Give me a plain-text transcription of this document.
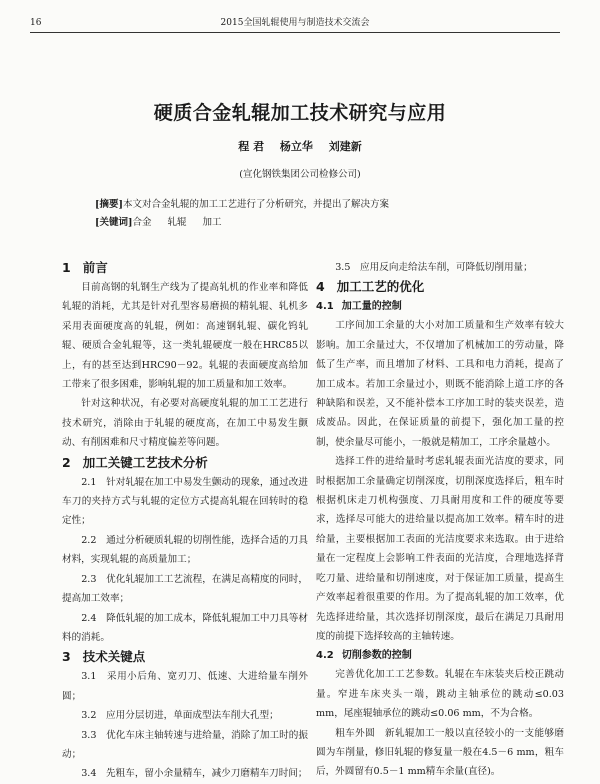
16	2015全国轧辊使用与制造技术交流会
硬质合金轧辊加工技术研究与应用
程 君 杨立华 刘建新
(宣化钢铁集团公司检修公司)
[摘要]本文对合金轧辊的加工工艺进行了分析研究，并提出了解决方案
[关键词]合金 轧辊 加工
1 前言

目前高钢的轧钢生产线为了提高轧机的作业率和降低轧辊的消耗，尤其是针对孔型容易磨损的精轧辊、轧机多采用表面硬度高的轧辊，例如：高速钢轧辊、碳化钨轧辊、硬质合金轧辊等，这一类轧辊硬度一般在HRC85以上，有的甚至达到HRC90－92。轧辊的表面硬度高给加工带来了很多困难，影响轧辊的加工质量和加工效率。

针对这种状况，有必要对高硬度轧辊的加工工艺进行技术研究，消除由于轧辊的硬度高，在加工中易发生颤动、有削困难和尺寸精度偏差等问题。

2 加工关键工艺技术分析

2.1　针对轧辊在加工中易发生颤动的现象，通过改进车刀的夹持方式与轧辊的定位方式提高轧辊在回转时的稳定性；

2.2　通过分析硬质轧辊的切削性能，选择合适的刀具材料，实现轧辊的高质量加工；

2.3　优化轧辊加工工艺流程，在满足高精度的同时，提高加工效率；

2.4　降低轧辊的加工成本，降低轧辊加工中刀具等材料的消耗。

3 技术关键点

3.1　采用小后角、宽刃刀、低速、大进给量车削外圆；

3.2　应用分层切进，单面成型法车削大孔型；

3.3　优化车床主轴转速与进给量，消除了加工时的振动；

3.4　先粗车，留小余量精车，减少刀磨精车刀时间；

3.5　应用反向走给法车削，可降低切削用量；

4 加工工艺的优化
4.1 加工量的控制

工序间加工余量的大小对加工质量和生产效率有较大影响。加工余量过大，不仅增加了机械加工的劳动量，降低了生产率，而且增加了材料、工具和电力消耗，提高了加工成本。若加工余量过小，则既不能消除上道工序的各种缺陷和误差，又不能补偿本工序加工时的装夹误差，造成废品。因此，在保证质量的前提下，强化加工量的控制，使余量尽可能小，一般就是精加工，工序余量越小。

选择工件的进给量时考虑轧辊表面光洁度的要求，同时根据加工余量确定切削深度，切削深度选择后，粗车时根据机床走刀机构强度、刀具耐用度和工件的硬度等要求，选择尽可能大的进给量以提高加工效率。精车时的进给量，主要根据加工表面的光洁度要求来选取。由于进给量在一定程度上会影响工件表面的光洁度，合理地选择背吃刀量、进给量和切削速度，对于保证加工质量，提高生产效率起着很重要的作用。为了提高轧辊的加工效率，优先选择进给量，其次选择切削深度，最后在满足刀具耐用度的前提下选择较高的主轴转速。

4.2 切削参数的控制

完善优化加工工艺参数。轧辊在车床装夹后校正跳动量。窄进车床夹头一端，跳动主轴承位的跳动≤0.03 mm，尾座辊轴承位的跳动≤0.06 mm，不为合格。

粗车外圆　新轧辊加工一般以直径较小的一支能够磨圆为车削量，修旧轧辊的修复量一般在4.5－6 mm，粗车后，外圆留有0.5－1 mm精车余量(直径)。
